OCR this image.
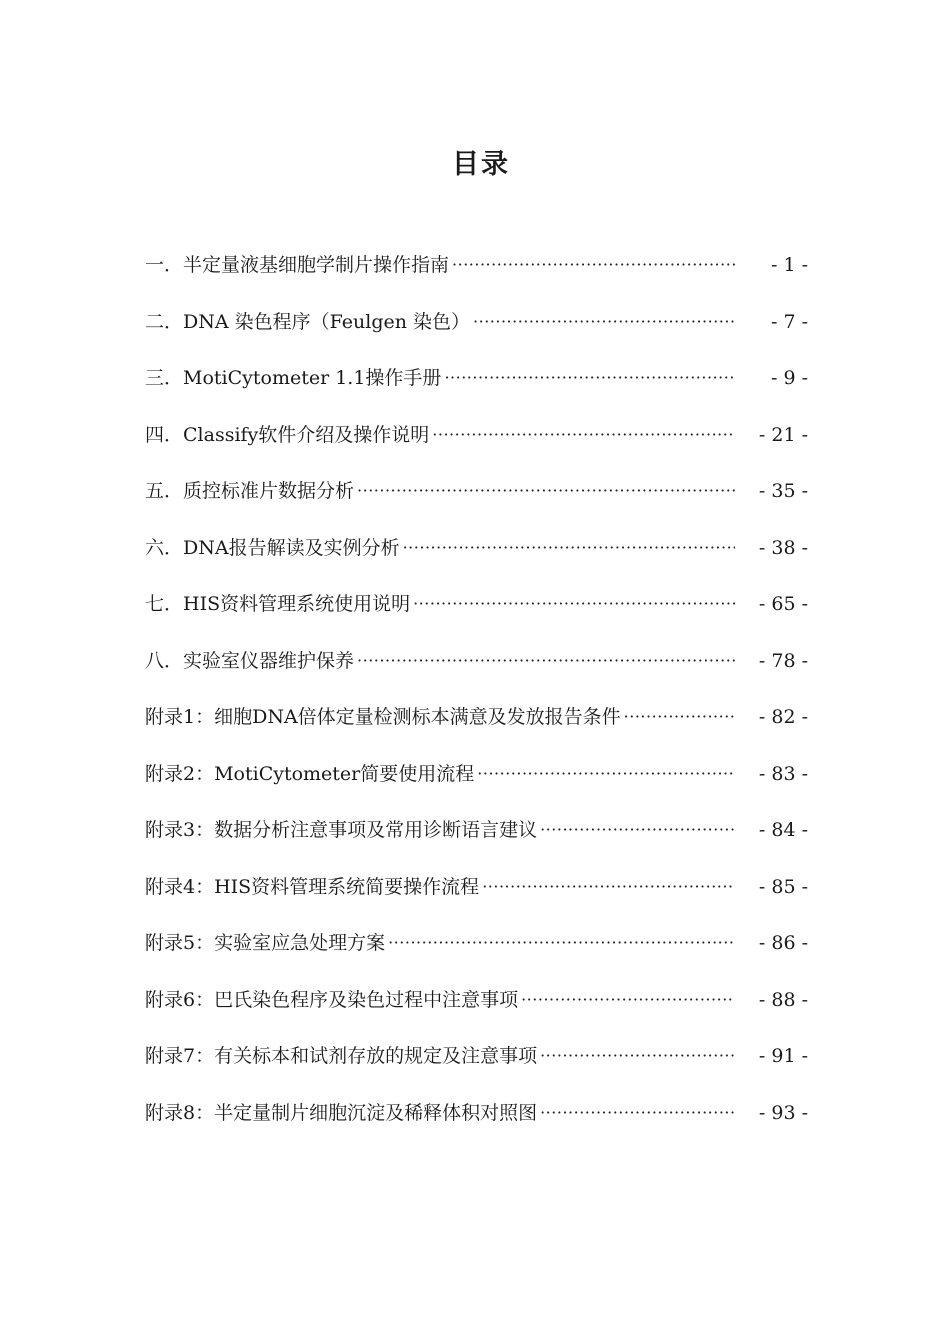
目录
一．半定量液基细胞学制片操作指南 ·····	- 1 -
二．DNA 染色程序（Feulgen 染色） ·····	- 7 -
三．MotiCytometer 1.1操作手册 ·····	- 9 -
四．Classify软件介绍及操作说明 ·····	- 21 -
五．质控标准片数据分析 ·····	- 35 -
六．DNA报告解读及实例分析 ·····	- 38 -
七．HIS资料管理系统使用说明 ·····	- 65 -
八．实验室仪器维护保养 ·····	- 78 -
附录1：细胞DNA倍体定量检测标本满意及发放报告条件 ·····	- 82 -
附录2：MotiCytometer简要使用流程 ·····	- 83 -
附录3：数据分析注意事项及常用诊断语言建议 ·····	- 84 -
附录4：HIS资料管理系统简要操作流程 ·····	- 85 -
附录5：实验室应急处理方案 ·····	- 86 -
附录6：巴氏染色程序及染色过程中注意事项 ·····	- 88 -
附录7：有关标本和试剂存放的规定及注意事项 ·····	- 91 -
附录8：半定量制片细胞沉淀及稀释体积对照图 ·····	- 93 -
